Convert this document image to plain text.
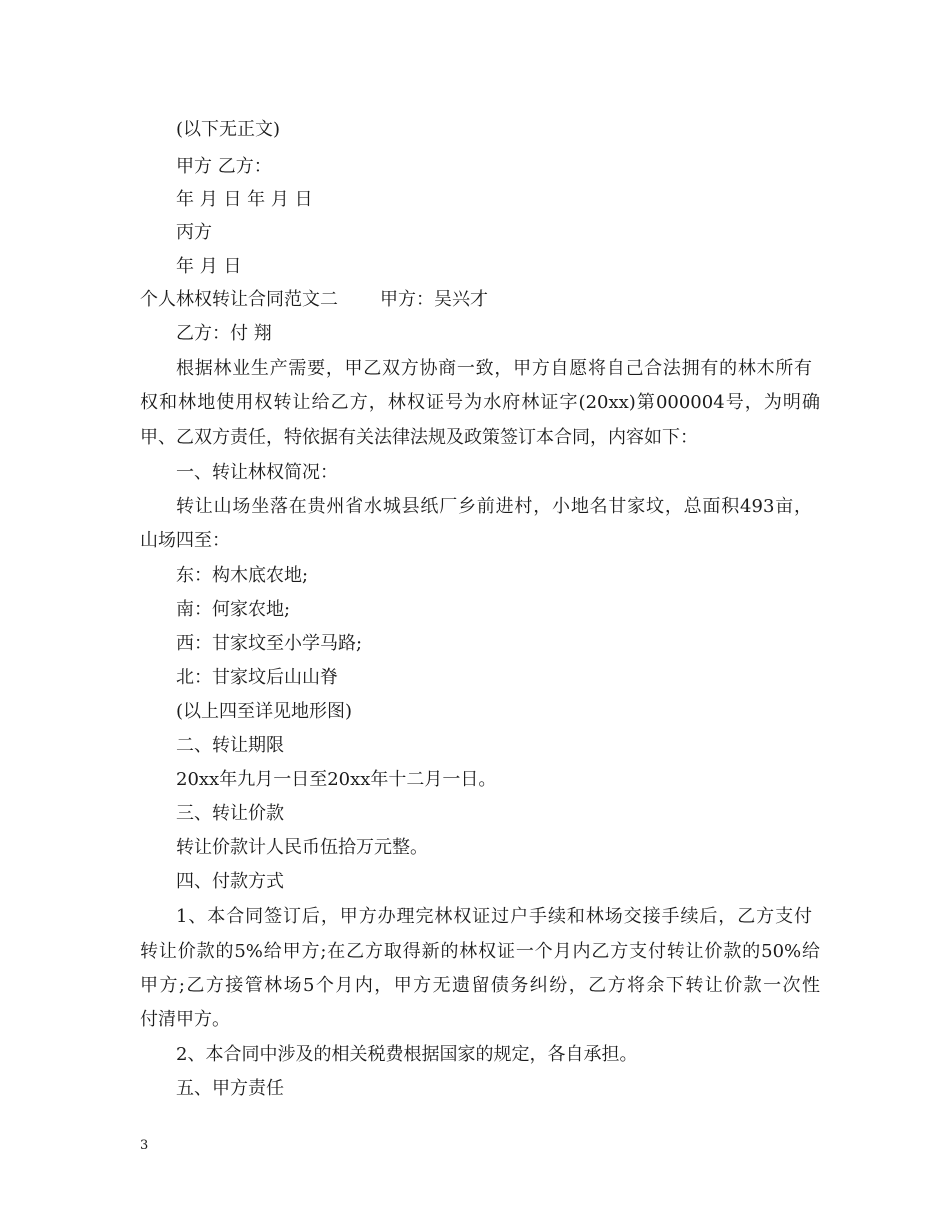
(以下无正文)
甲方 乙方：
年 月 日 年 月 日
丙方
年 月 日
个人林权转让合同范文二 甲方：吴兴才
乙方：付 翔
根据林业生产需要，甲乙双方协商一致，甲方自愿将自己合法拥有的林木所有
权和林地使用权转让给乙方，林权证号为水府林证字(20xx)第000004号，为明确
甲、乙双方责任，特依据有关法律法规及政策签订本合同，内容如下：
一、转让林权简况：
转让山场坐落在贵州省水城县纸厂乡前进村，小地名甘家坟，总面积493亩，
山场四至：
东：构木底农地;
南：何家农地;
西：甘家坟至小学马路;
北：甘家坟后山山脊
(以上四至详见地形图)
二、转让期限
20xx年九月一日至20xx年十二月一日。
三、转让价款
转让价款计人民币伍拾万元整。
四、付款方式
1、本合同签订后，甲方办理完林权证过户手续和林场交接手续后，乙方支付
转让价款的5%给甲方;在乙方取得新的林权证一个月内乙方支付转让价款的50%给
甲方;乙方接管林场5个月内，甲方无遗留债务纠纷，乙方将余下转让价款一次性
付清甲方。
2、本合同中涉及的相关税费根据国家的规定，各自承担。
五、甲方责任
3
